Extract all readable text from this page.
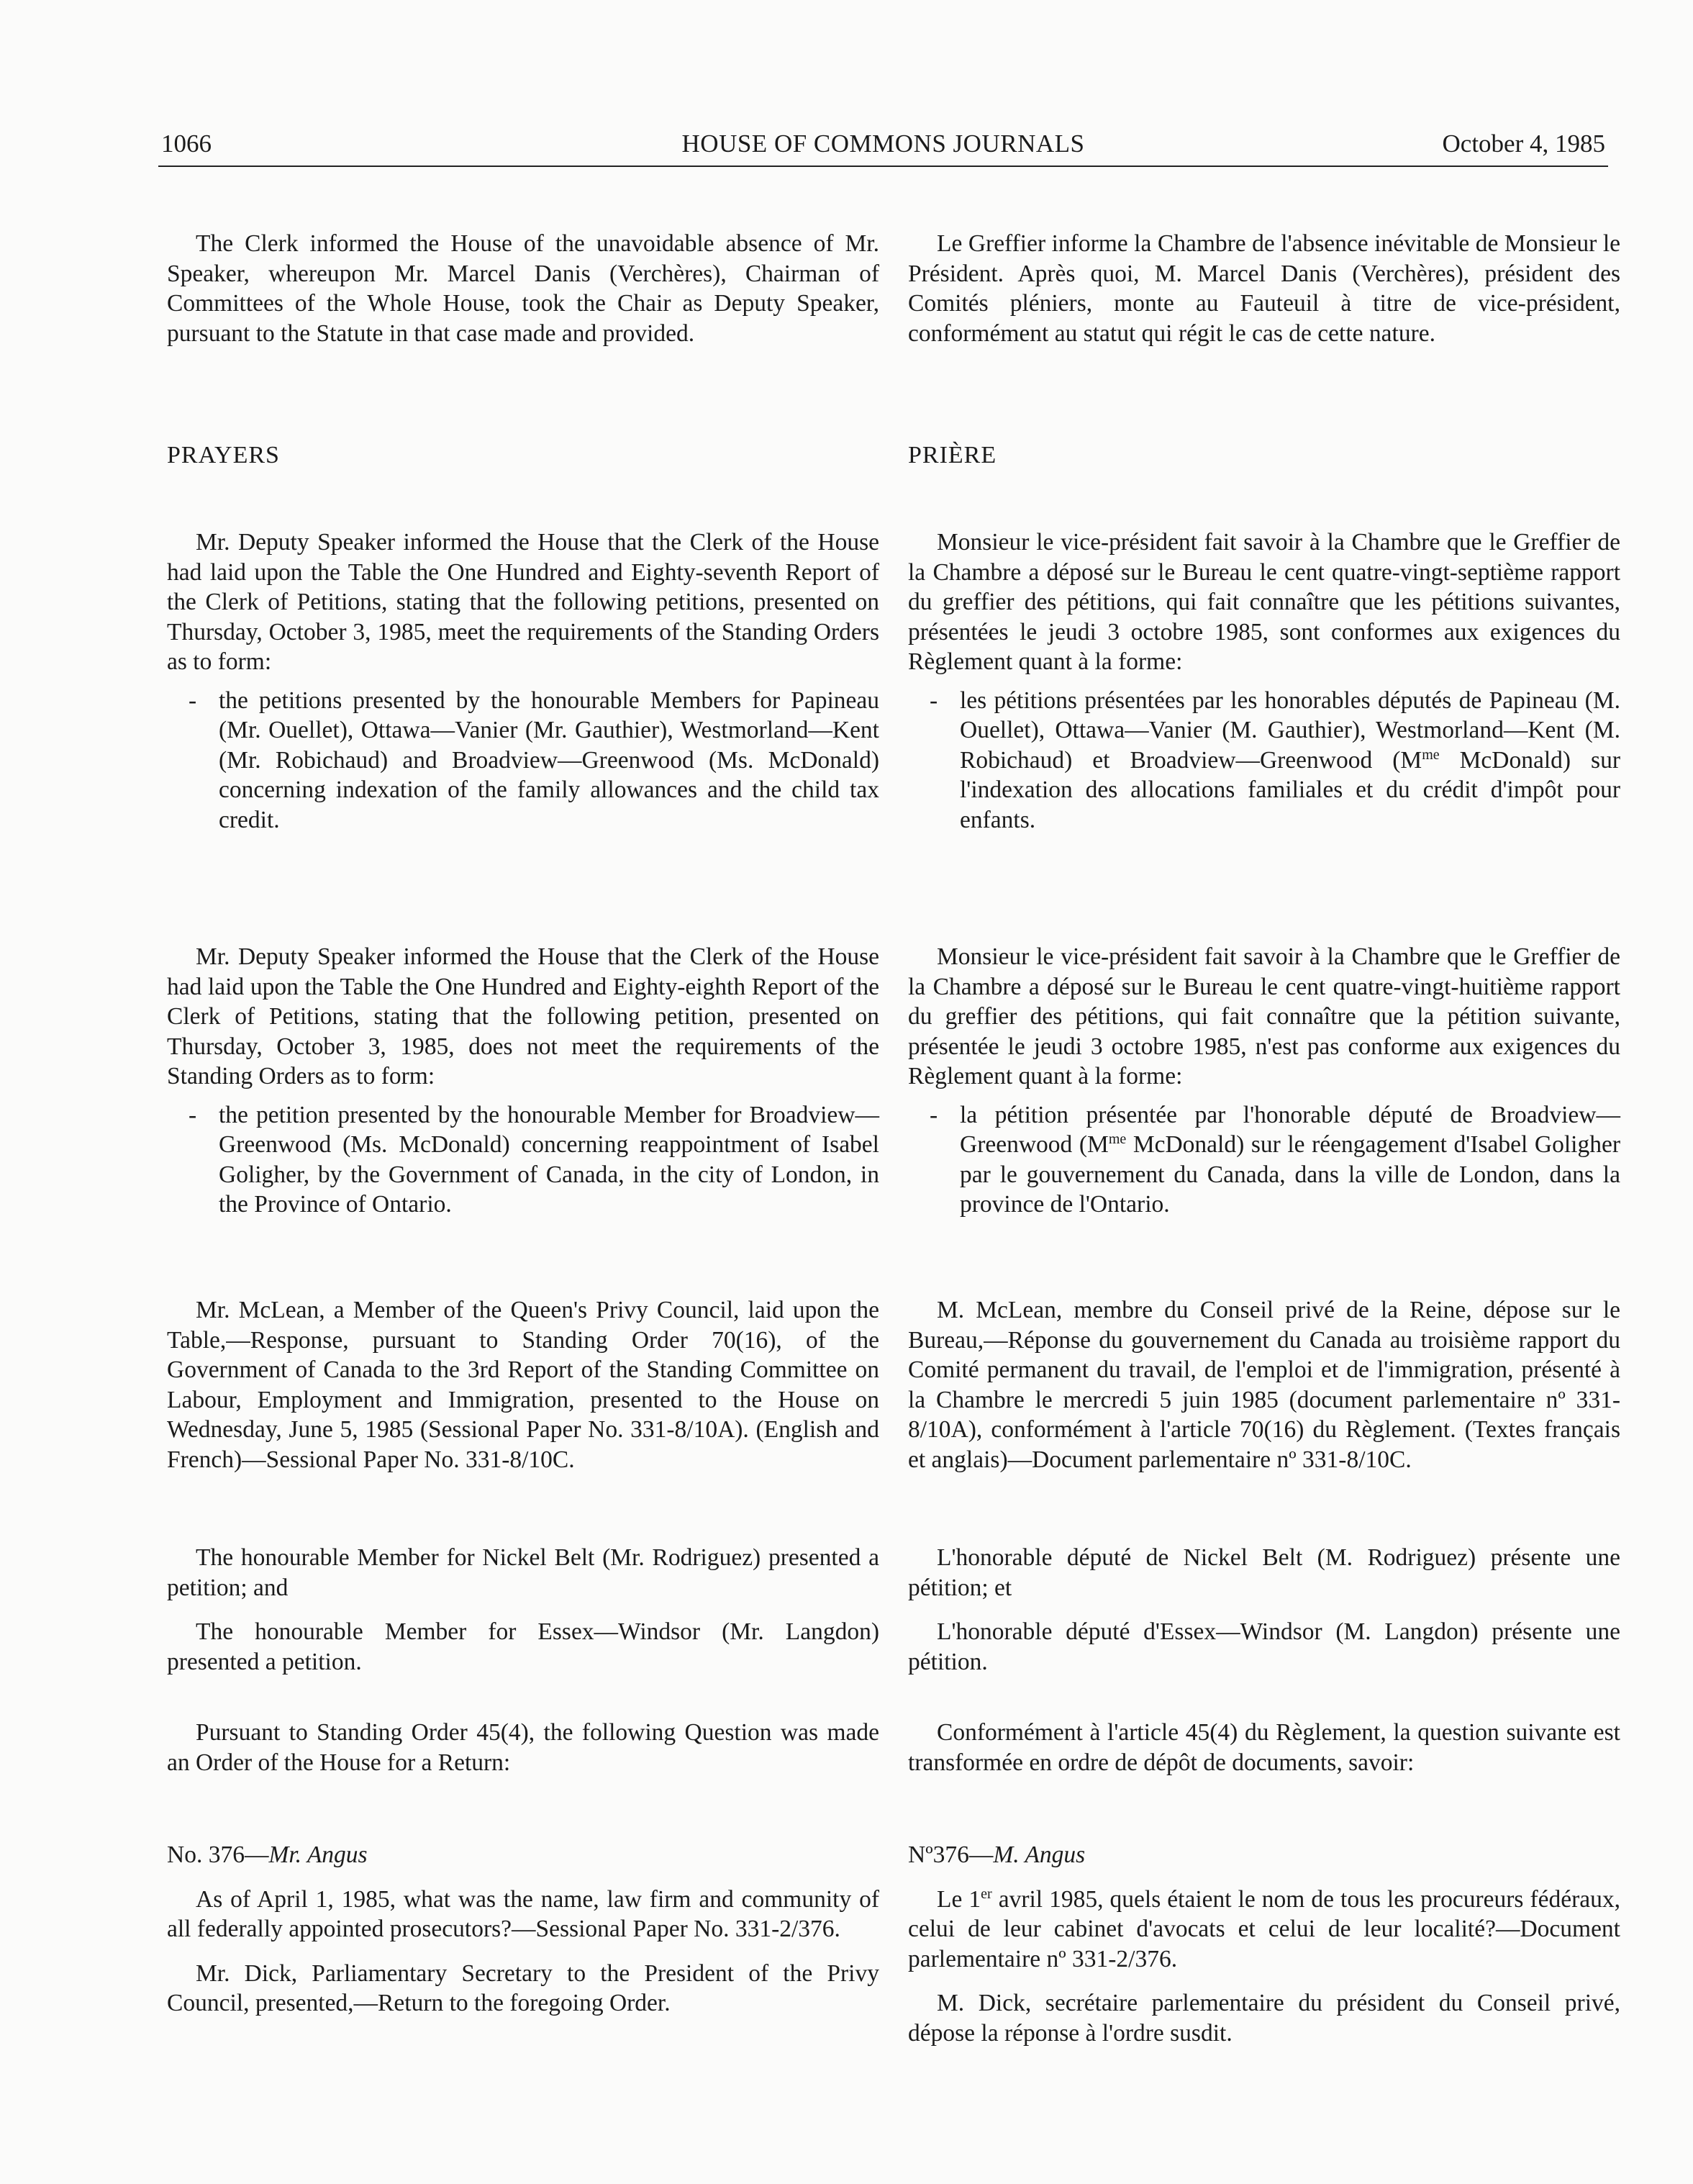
1066	HOUSE OF COMMONS JOURNALS	October 4, 1985

The Clerk informed the House of the unavoidable absence of Mr. Speaker, whereupon Mr. Marcel Danis (Verchères), Chairman of Committees of the Whole House, took the Chair as Deputy Speaker, pursuant to the Statute in that case made and provided.

PRAYERS

Mr. Deputy Speaker informed the House that the Clerk of the House had laid upon the Table the One Hundred and Eighty-seventh Report of the Clerk of Petitions, stating that the following petitions, presented on Thursday, October 3, 1985, meet the requirements of the Standing Orders as to form:

- the petitions presented by the honourable Members for Papineau (Mr. Ouellet), Ottawa—Vanier (Mr. Gauthier), Westmorland—Kent (Mr. Robichaud) and Broadview—Greenwood (Ms. McDonald) concerning indexation of the family allowances and the child tax credit.

Mr. Deputy Speaker informed the House that the Clerk of the House had laid upon the Table the One Hundred and Eighty-eighth Report of the Clerk of Petitions, stating that the following petition, presented on Thursday, October 3, 1985, does not meet the requirements of the Standing Orders as to form:

- the petition presented by the honourable Member for Broadview—Greenwood (Ms. McDonald) concerning reappointment of Isabel Goligher, by the Government of Canada, in the city of London, in the Province of Ontario.

Mr. McLean, a Member of the Queen's Privy Council, laid upon the Table,—Response, pursuant to Standing Order 70(16), of the Government of Canada to the 3rd Report of the Standing Committee on Labour, Employment and Immigration, presented to the House on Wednesday, June 5, 1985 (Sessional Paper No. 331-8/10A). (English and French)—Sessional Paper No. 331-8/10C.

The honourable Member for Nickel Belt (Mr. Rodriguez) presented a petition; and

The honourable Member for Essex—Windsor (Mr. Langdon) presented a petition.

Pursuant to Standing Order 45(4), the following Question was made an Order of the House for a Return:

No. 376—Mr. Angus

As of April 1, 1985, what was the name, law firm and community of all federally appointed prosecutors?—Sessional Paper No. 331-2/376.

Mr. Dick, Parliamentary Secretary to the President of the Privy Council, presented,—Return to the foregoing Order.

Le Greffier informe la Chambre de l'absence inévitable de Monsieur le Président. Après quoi, M. Marcel Danis (Verchères), président des Comités pléniers, monte au Fauteuil à titre de vice-président, conformément au statut qui régit le cas de cette nature.

PRIÈRE

Monsieur le vice-président fait savoir à la Chambre que le Greffier de la Chambre a déposé sur le Bureau le cent quatre-vingt-septième rapport du greffier des pétitions, qui fait connaître que les pétitions suivantes, présentées le jeudi 3 octobre 1985, sont conformes aux exigences du Règlement quant à la forme:

- les pétitions présentées par les honorables députés de Papineau (M. Ouellet), Ottawa—Vanier (M. Gauthier), Westmorland—Kent (M. Robichaud) et Broadview—Greenwood ($M^{me}$ McDonald) sur l'indexation des allocations familiales et du crédit d'impôt pour enfants.

Monsieur le vice-président fait savoir à la Chambre que le Greffier de la Chambre a déposé sur le Bureau le cent quatre-vingt-huitième rapport du greffier des pétitions, qui fait connaître que la pétition suivante, présentée le jeudi 3 octobre 1985, n'est pas conforme aux exigences du Règlement quant à la forme:

- la pétition présentée par l'honorable député de Broadview—Greenwood ($M^{me}$ McDonald) sur le réengagement d'Isabel Goligher par le gouvernement du Canada, dans la ville de London, dans la province de l'Ontario.

M. McLean, membre du Conseil privé de la Reine, dépose sur le Bureau,—Réponse du gouvernement du Canada au troisième rapport du Comité permanent du travail, de l'emploi et de l'immigration, présenté à la Chambre le mercredi 5 juin 1985 (document parlementaire nº 331-8/10A), conformément à l'article 70(16) du Règlement. (Textes français et anglais)—Document parlementaire nº 331-8/10C.

L'honorable député de Nickel Belt (M. Rodriguez) présente une pétition; et

L'honorable député d'Essex—Windsor (M. Langdon) présente une pétition.

Conformément à l'article 45(4) du Règlement, la question suivante est transformée en ordre de dépôt de documents, savoir:

Nº376—M. Angus

Le 1er avril 1985, quels étaient le nom de tous les procureurs fédéraux, celui de leur cabinet d'avocats et celui de leur localité?—Document parlementaire nº 331-2/376.

M. Dick, secrétaire parlementaire du président du Conseil privé, dépose la réponse à l'ordre susdit.
